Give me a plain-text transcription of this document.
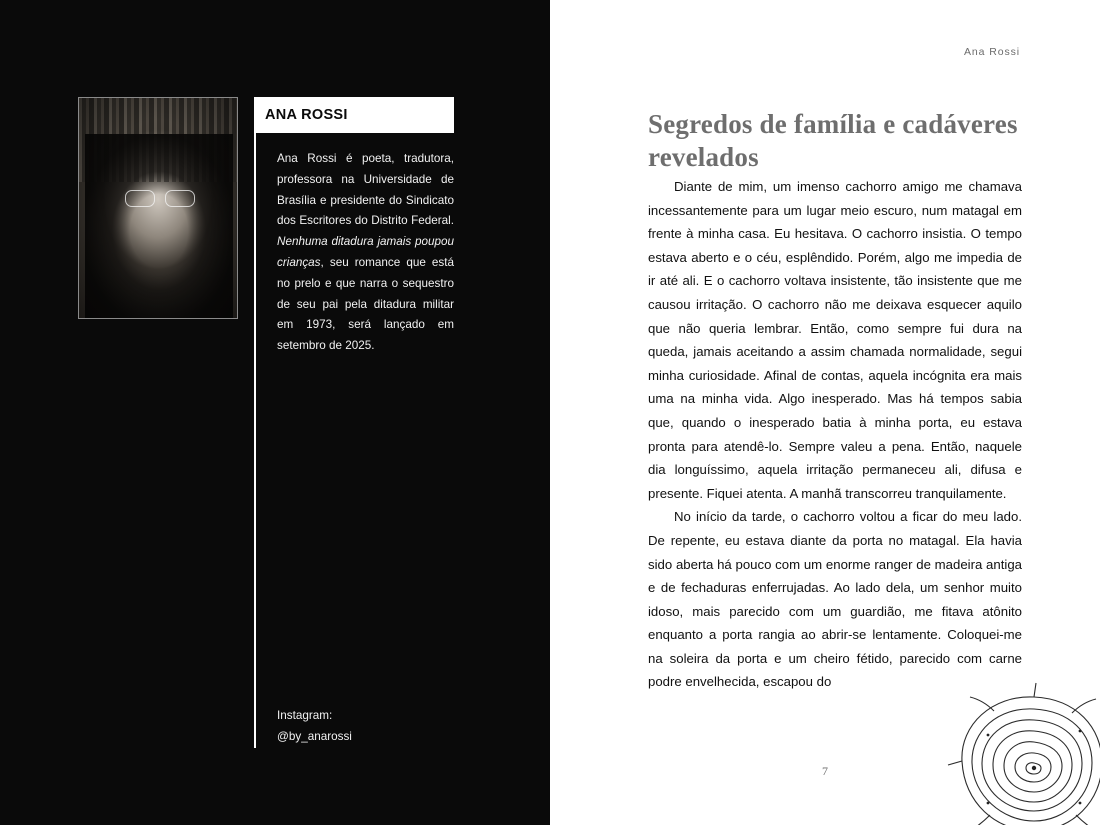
ANA ROSSI
Ana Rossi é poeta, tradutora, professora na Universidade de Brasília e presidente do Sindicato dos Escritores do Distrito Federal. Nenhuma ditadura jamais poupou crianças, seu romance que está no prelo e que narra o sequestro de seu pai pela ditadura militar em 1973, será lançado em setembro de 2025.
Instagram:
@by_anarossi
Ana Rossi
Segredos de família e cadáveres revelados

Diante de mim, um imenso cachorro amigo me chamava incessantemente para um lugar meio escuro, num matagal em frente à minha casa. Eu hesitava. O cachorro insistia. O tempo estava aberto e o céu, esplêndido. Porém, algo me impedia de ir até ali. E o cachorro voltava insistente, tão insistente que me causou irritação. O cachorro não me deixava esquecer aquilo que não queria lembrar. Então, como sempre fui dura na queda, jamais aceitando a assim chamada normalidade, segui minha curiosidade. Afinal de contas, aquela incógnita era mais uma na minha vida. Algo inesperado. Mas há tempos sabia que, quando o inesperado batia à minha porta, eu estava pronta para atendê-lo. Sempre valeu a pena. Então, naquele dia longuíssimo, aquela irritação permaneceu ali, difusa e presente. Fiquei atenta. A manhã transcorreu tranquilamente.

No início da tarde, o cachorro voltou a ficar do meu lado. De repente, eu estava diante da porta no matagal. Ela havia sido aberta há pouco com um enorme ranger de madeira antiga e de fechaduras enferrujadas. Ao lado dela, um senhor muito idoso, mais parecido com um guardião, me fitava atônito enquanto a porta rangia ao abrir-se lentamente. Coloquei-me na soleira da porta e um cheiro fétido, parecido com carne podre envelhecida, escapou do

7
